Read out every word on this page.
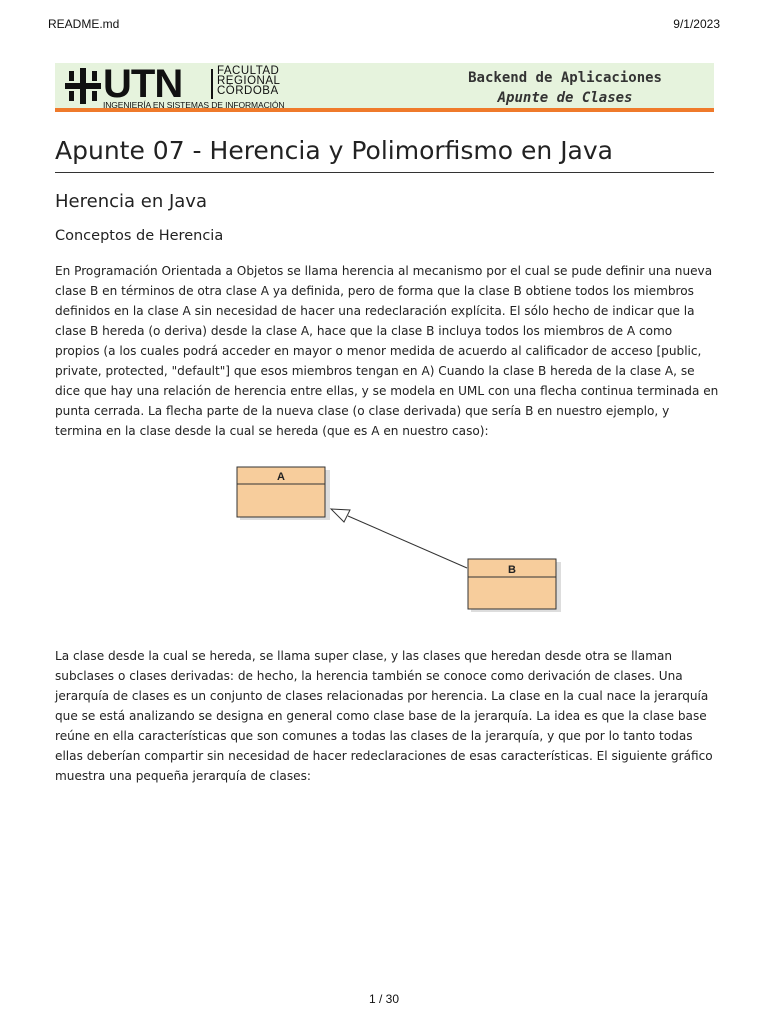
README.md	9/1/2023
UTN	FACULTAD
REGIONAL
CÓRDOBA
INGENIERÍA EN SISTEMAS DE INFORMACIÓN
Backend de Aplicaciones
Apunte de Clases
Apunte 07 - Herencia y Polimorfismo en Java
Herencia en Java
Conceptos de Herencia

En Programación Orientada a Objetos se llama herencia al mecanismo por el cual se pude definir una nueva clase B en términos de otra clase A ya definida, pero de forma que la clase B obtiene todos los miembros definidos en la clase A sin necesidad de hacer una redeclaración explícita. El sólo hecho de indicar que la clase B hereda (o deriva) desde la clase A, hace que la clase B incluya todos los miembros de A como propios (a los cuales podrá acceder en mayor o menor medida de acuerdo al calificador de acceso [public, private, protected, "default"] que esos miembros tengan en A) Cuando la clase B hereda de la clase A, se dice que hay una relación de herencia entre ellas, y se modela en UML con una flecha continua terminada en punta cerrada. La flecha parte de la nueva clase (o clase derivada) que sería B en nuestro ejemplo, y termina en la clase desde la cual se hereda (que es A en nuestro caso):

A
B

La clase desde la cual se hereda, se llama super clase, y las clases que heredan desde otra se llaman subclases o clases derivadas: de hecho, la herencia también se conoce como derivación de clases. Una jerarquía de clases es un conjunto de clases relacionadas por herencia. La clase en la cual nace la jerarquía que se está analizando se designa en general como clase base de la jerarquía. La idea es que la clase base reúne en ella características que son comunes a todas las clases de la jerarquía, y que por lo tanto todas ellas deberían compartir sin necesidad de hacer redeclaraciones de esas características. El siguiente gráfico muestra una pequeña jerarquía de clases:

1 / 30
